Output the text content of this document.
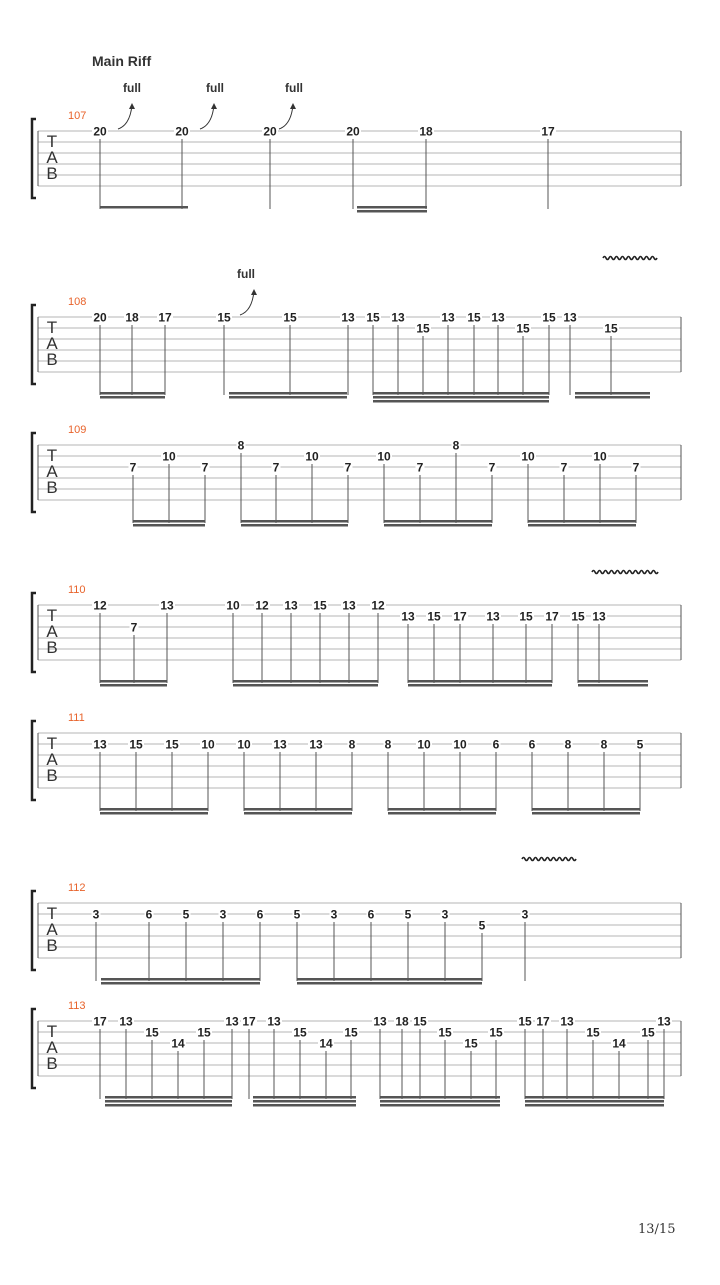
Main Riff
T
A
B
107
20	20	20	20	18	17
full	full	full
T
A
B
108
20 18 17	15	15	13 15 13
15
13 15 13
15
15 13
15
full
T
A
B
109
7
10
7
8
7
10
7
10
7
8
7
10
7
10
7
T
A
B
110
12
7
13	10 12 13 15 13 12
13 15 17 13 15 17 15 13
T
A
B
111
13 15 15 10 10 13 13 8 8 10 10 6 6 8 8 5
T
A
B
112
3	6	5	3	6	5	3	6	5	3
5
3
T
A
B
113
17 13
15
14
15
13 17 13
15
14
15
13 18 15
15
15
15
15 17 13
15
14
15
13
13/15
